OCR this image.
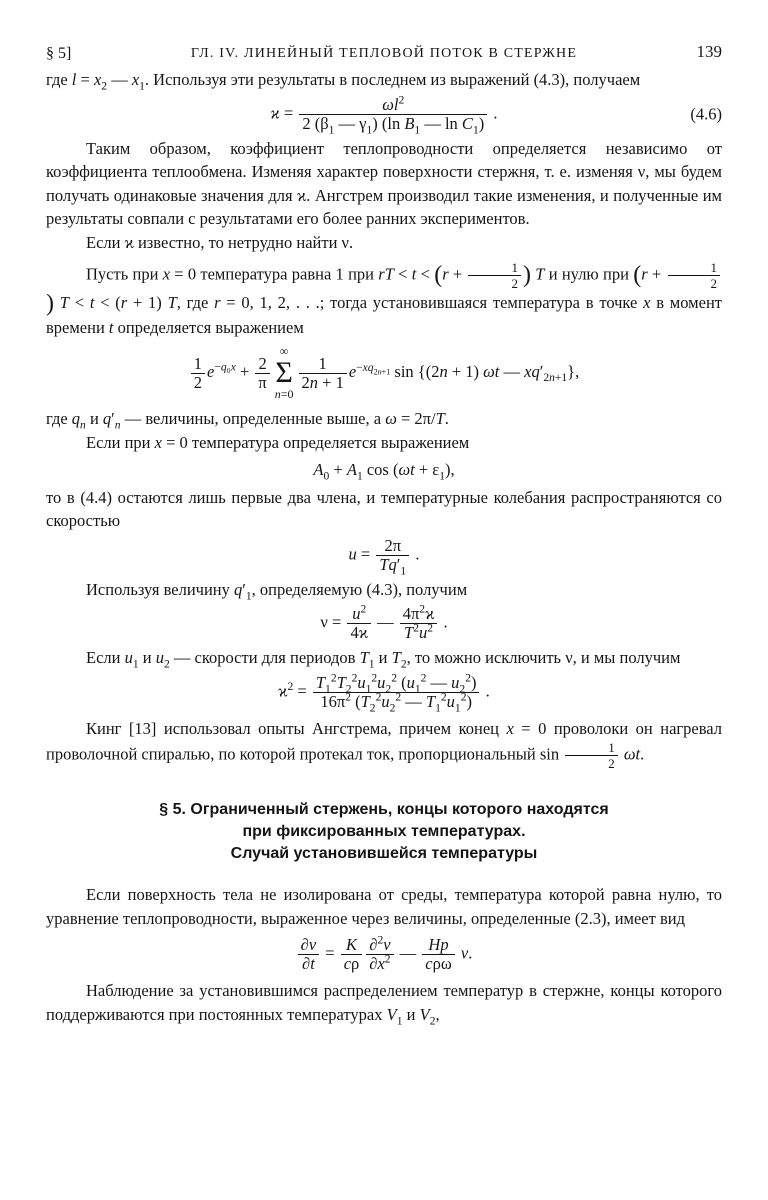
§ 5]	ГЛ. IV. ЛИНЕЙНЫЙ ТЕПЛОВОЙ ПОТОК В СТЕРЖНЕ	139

где $l = x_2$ — $x_1$. Используя эти результаты в последнем из выражений (4.3), получаем

$ϰ = \frac{\omega l^2}{2 (\beta_1 — \gamma_1) (\ln B_1 — \ln C_1)}$ .	(4.6)

Таким образом, коэффициент теплопроводности определяется независимо от коэффициента теплообмена. Изменяя характер поверхности стержня, т. е. изменяя ν, мы будем получать одинаковые значения для ϰ. Ангстрем производил такие изменения, и полученные им результаты совпали с результатами его более ранних экспериментов.

Если ϰ известно, то нетрудно найти ν.

Пусть при x = 0 температура равна 1 при rT < $t < (r + \frac{1}{2}$ ) T и нулю при ($r + \frac{1}{2}$
) T < t < (r + 1) T, где r = 0, 1, 2, . . .; тогда установившаяся температура в точке x в момент времени t определяется выражением

$\frac{1}{2} e^{-q_0x} + \frac{2}{\pi}$
∞
Σ
n=0
$\frac{1}{2n + 1} e^{-xq_{2n+1}}$ sin {(2n + 1) ωt — $xq'_{2n+1}$},

где $q_n$ и $q'_n$ — величины, определенные выше, а ω = 2π/T.

Если при x = 0 температура определяется выражением

$A_0 + A_1$ $\cos (\omega t + \varepsilon_1)$,

то в (4.4) остаются лишь первые два члена, и температурные колебания распространяются со скоростью

$u = \frac{2\pi}{Tq'_1}$ .

Используя величину $q'_1$, определяемую (4.3), получим

$\nu = \frac{u^2}{4ϰ}$ — $\frac{4\pi^2ϰ}{T^2u^2}$ .

Если $u_1$ и $u_2$ — скорости для периодов $T_1$ и $T_2$, то можно исключить ν, и мы получим

$ϰ^2 = \frac{T_1^2T_2^2u_1^2u_2^2 (u_1^2 — u_2^2)}{16\pi^2 (T_2^2u_2^2 — T_1^2u_1^2)}$ .

Кинг [13] использовал опыты Ангстрема, причем конец x = 0 проволоки он нагревал проволочной спиралью, по которой протекал ток, пропорциональный $\sin \frac{1}{2} \omega t$.

§ 5. Ограниченный стержень, концы которого находятся
при фиксированных температурах.
Случай установившейся температуры

Если поверхность тела не изолирована от среды, температура которой равна нулю, то уравнение теплопроводности, выраженное через величины, определенные (2.3), имеет вид

$\frac{\partial v}{\partial t} = \frac{K}{c\rho} \frac{\partial^2v}{\partial x^2}$ — $\frac{Hp}{\text{cρω}} v$.

Наблюдение за установившимся распределением температур в стержне, концы которого поддерживаются при постоянных температурах $V_1$ и $V_2$,
